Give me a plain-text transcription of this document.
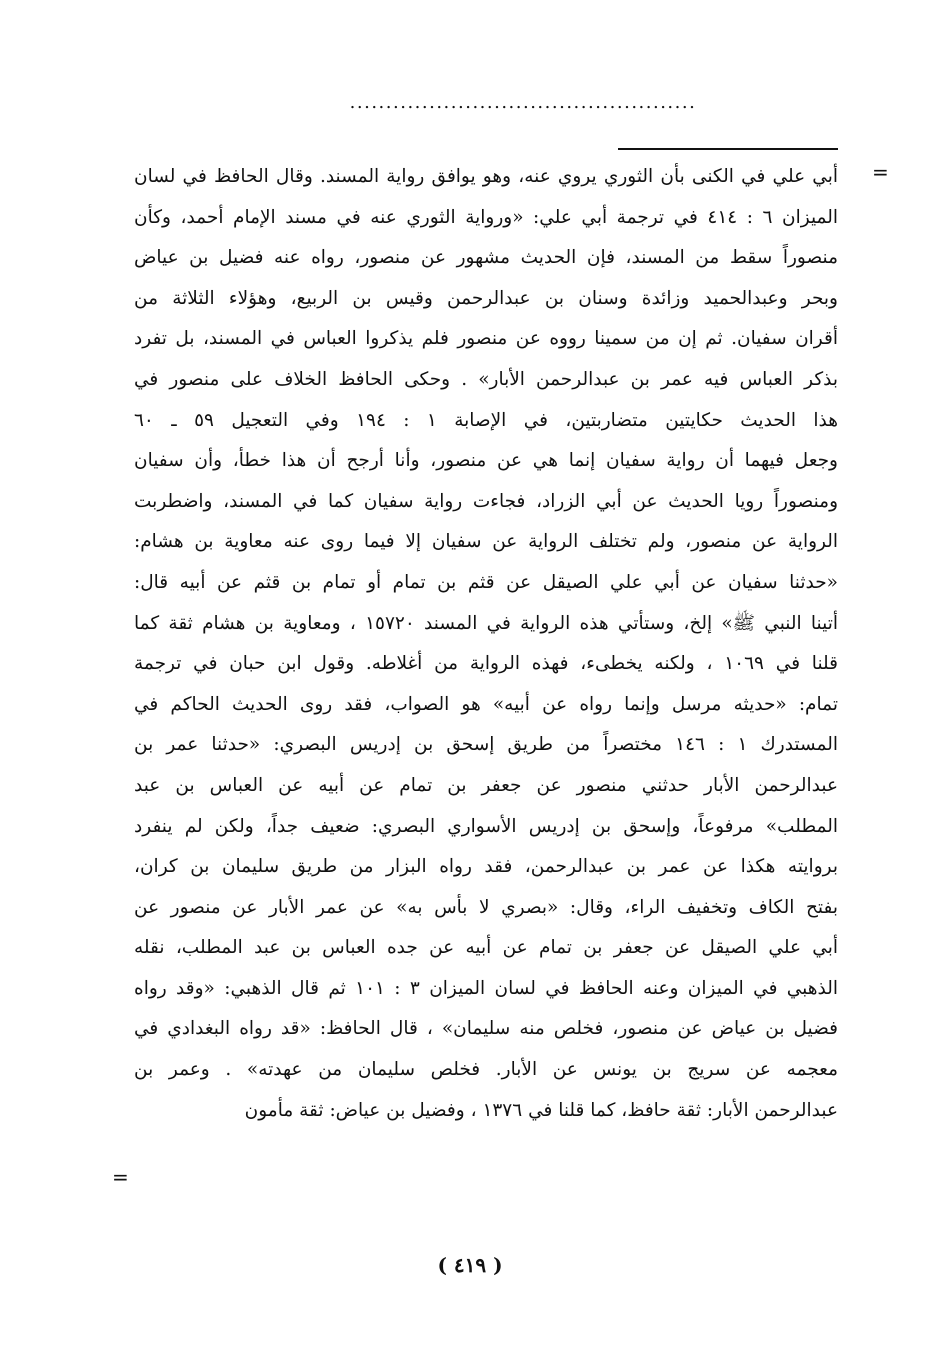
................................................
=
أبي علي في الكنى بأن الثوري يروي عنه، وهو يوافق رواية المسند. وقال الحافظ في لسان
الميزان ٦ : ٤١٤ في ترجمة أبي علي: «ورواية الثوري عنه في مسند الإمام أحمد، وكأن
منصوراً سقط من المسند، فإن الحديث مشهور عن منصور، رواه عنه فضيل بن عياض
وبحر وعبدالحميد وزائدة وسنان بن عبدالرحمن وقيس بن الربيع، وهؤلاء الثلاثة من
أقران سفيان. ثم إن من سمينا رووه عن منصور فلم يذكروا العباس في المسند، بل تفرد
بذكر العباس فيه عمر بن عبدالرحمن الأبار» . وحكى الحافظ الخلاف على منصور في
هذا الحديث حكايتين متضاربتين، في الإصابة ١ : ١٩٤ وفي التعجيل ٥٩ ـ ٦٠
وجعل فيهما أن رواية سفيان إنما هي عن منصور، وأنا أرجح أن هذا خطأ، وأن سفيان
ومنصوراً رويا الحديث عن أبي الزراد، فجاءت رواية سفيان كما في المسند، واضطربت
الرواية عن منصور، ولم تختلف الرواية عن سفيان إلا فيما روى عنه معاوية بن هشام:
«حدثنا سفيان عن أبي علي الصيقل عن قثم بن تمام أو تمام بن قثم عن أبيه قال:
أتينا النبي ﷺ» إلخ، وستأتي هذه الرواية في المسند ١٥٧٢٠ ، ومعاوية بن هشام ثقة كما
قلنا في ١٠٦٩ ، ولكنه يخطىء، فهذه الرواية من أغلاطه. وقول ابن حبان في ترجمة
تمام: «حديثه مرسل وإنما رواه عن أبيه» هو الصواب، فقد روى الحديث الحاكم في
المستدرك ١ : ١٤٦ مختصراً من طريق إسحق بن إدريس البصري: «حدثنا عمر بن
عبدالرحمن الأبار حدثني منصور عن جعفر بن تمام عن أبيه عن العباس بن عبد
المطلب» مرفوعاً، وإسحق بن إدريس الأسواري البصري: ضعيف جداً، ولكن لم ينفرد
بروايته هكذا عن عمر بن عبدالرحمن، فقد رواه البزار من طريق سليمان بن كران،
بفتح الكاف وتخفيف الراء، وقال: «بصري لا بأس به» عن عمر الأبار عن منصور عن
أبي علي الصيقل عن جعفر بن تمام عن أبيه عن جده العباس بن عبد المطلب، نقله
الذهبي في الميزان وعنه الحافظ في لسان الميزان ٣ : ١٠١ ثم قال الذهبي: «وقد رواه
فضيل بن عياض عن منصور، فخلص منه سليمان» ، قال الحافظ: «قد رواه البغدادي في
معجمه عن سريج بن يونس عن الأبار. فخلص سليمان من عهدته» . وعمر بن
عبدالرحمن الأبار: ثقة حافظ، كما قلنا في ١٣٧٦ ، وفضيل بن عياض: ثقة مأمون
=
( ٤١٩ )
